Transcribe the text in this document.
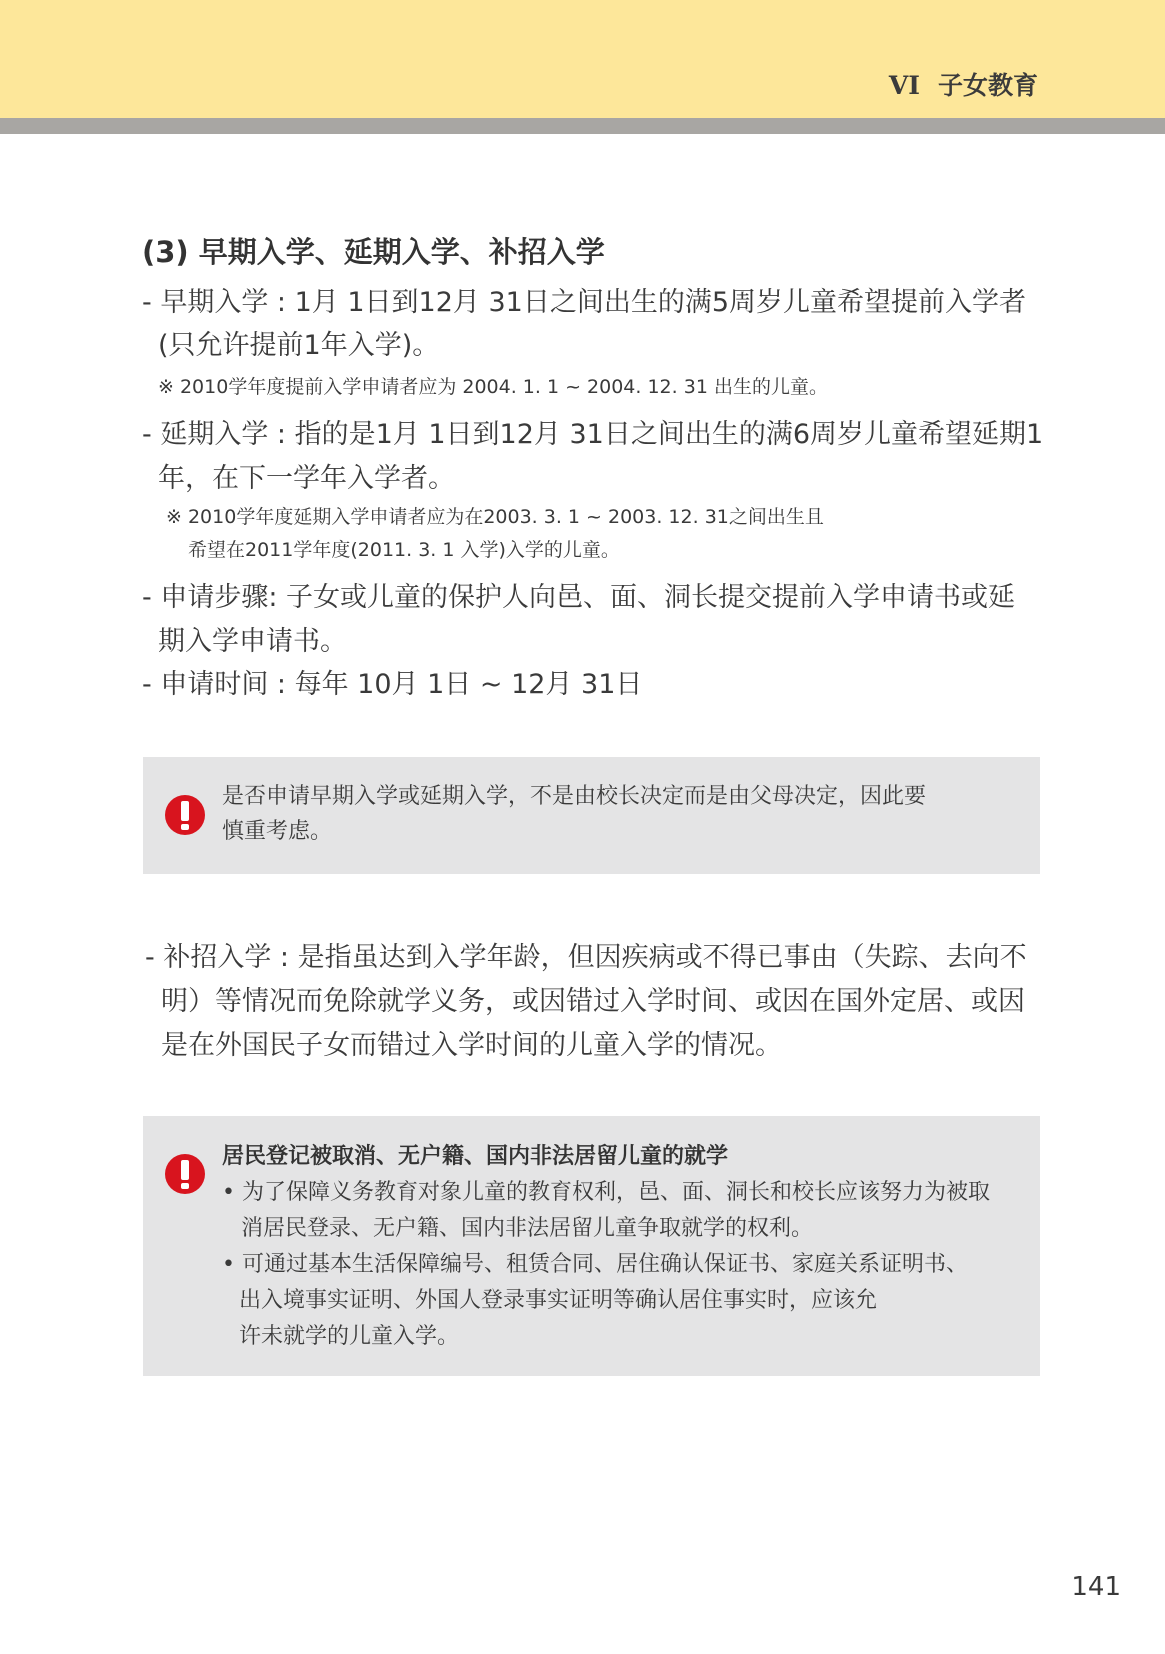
VI 子女教育
(3) 早期入学、延期入学、补招入学
- 早期入学 : 1月 1日到12月 31日之间出生的满5周岁儿童希望提前入学者
(只允许提前1年入学)。
※ 2010学年度提前入学申请者应为 2004. 1. 1 ~ 2004. 12. 31 出生的儿童。
- 延期入学 : 指的是1月 1日到12月 31日之间出生的满6周岁儿童希望延期1
年，在下一学年入学者。
※ 2010学年度延期入学申请者应为在2003. 3. 1 ~ 2003. 12. 31之间出生且
希望在2011学年度(2011. 3. 1 入学)入学的儿童。
- 申请步骤: 子女或儿童的保护人向邑、面、洞长提交提前入学申请书或延
期入学申请书。
- 申请时间 : 每年 10月 1日 ~ 12月 31日
是否申请早期入学或延期入学，不是由校长决定而是由父母决定，因此要
慎重考虑。
- 补招入学 : 是指虽达到入学年龄，但因疾病或不得已事由（失踪、去向不
明）等情况而免除就学义务，或因错过入学时间、或因在国外定居、或因
是在外国民子女而错过入学时间的儿童入学的情况。
居民登记被取消、无户籍、国内非法居留儿童的就学
• 为了保障义务教育对象儿童的教育权利，邑、面、洞长和校长应该努力为被取
消居民登录、无户籍、国内非法居留儿童争取就学的权利。
• 可通过基本生活保障编号、租赁合同、居住确认保证书、家庭关系证明书、
出入境事实证明、外国人登录事实证明等确认居住事实时，应该允
许未就学的儿童入学。
141
